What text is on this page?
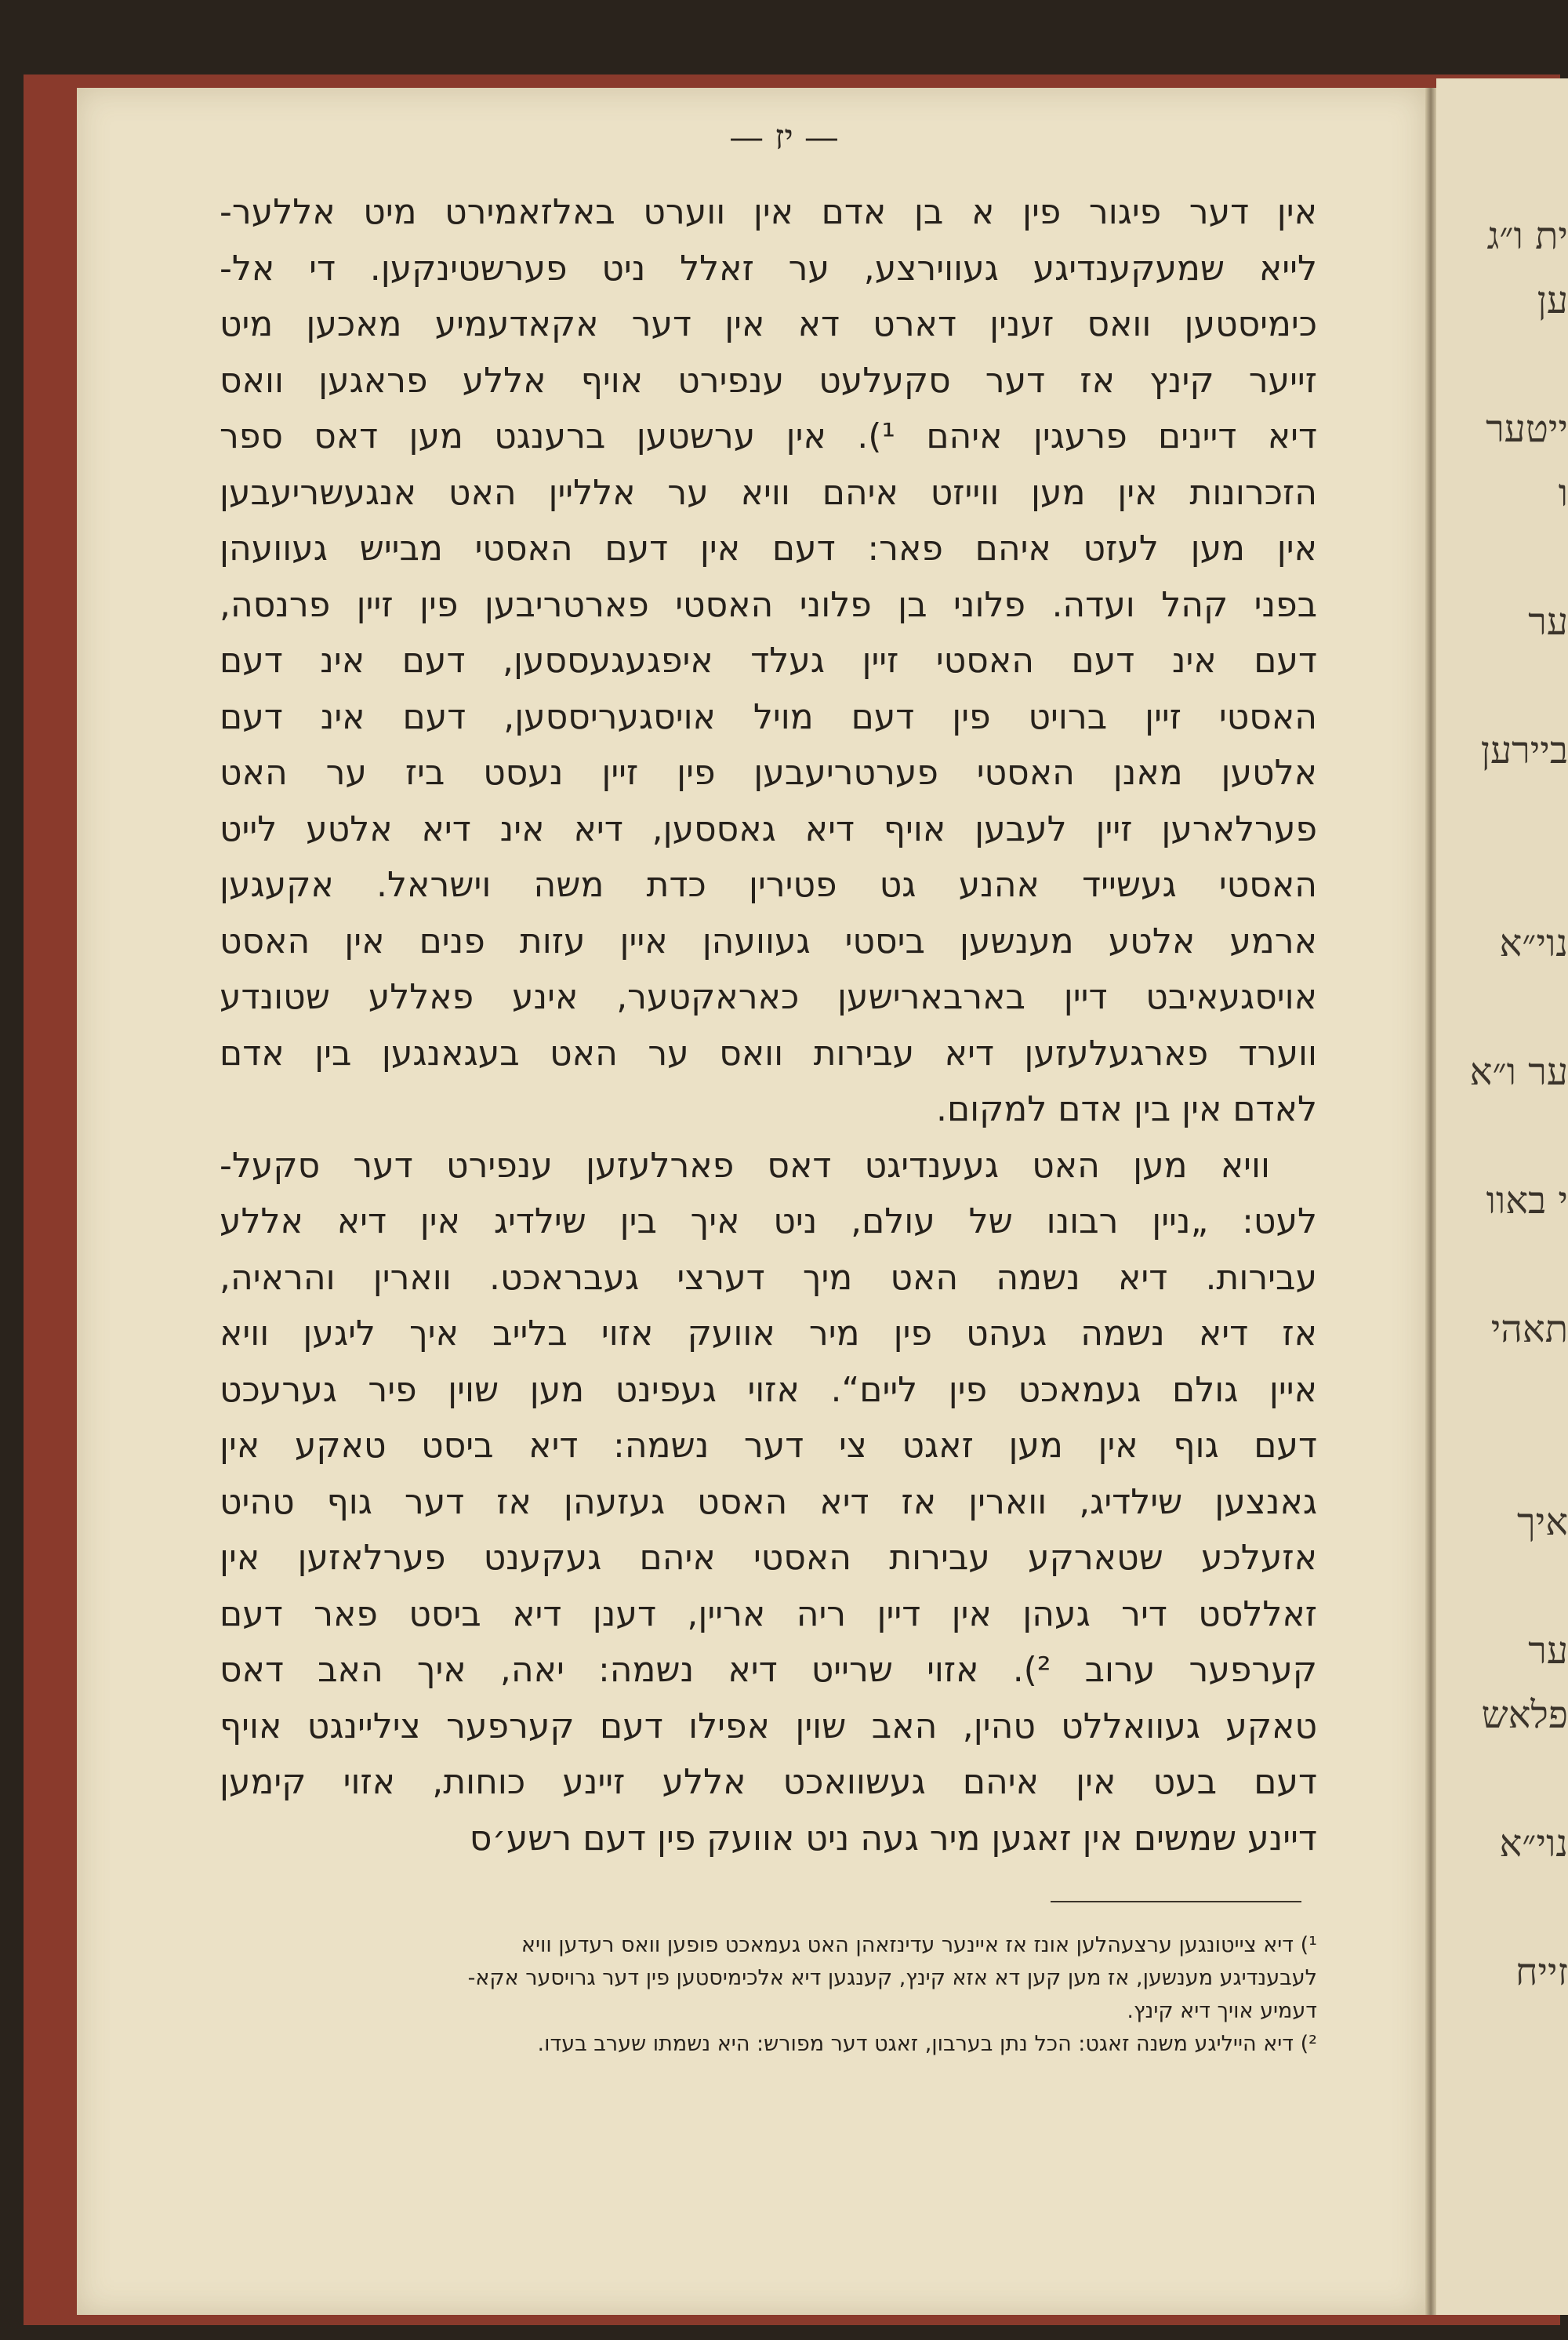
ית ו״ג
ען

ייטער
ו

ער

ביירען

נוי״א

ער ו״א

י באוו

תאהי

איך

ער
פלאש

נוי״א

זייח
— יז —
אין דער פיגור פין א בן אדם אין ווערט באלזאמירט מיט אללער-
לייא שמעקענדיגע געווירצע, ער זאלל ניט פערשטינקען. די אל-
כימיסטען וואס זענין דארט דא אין דער אקאדעמיע מאכען מיט
זייער קינץ אז דער סקעלעט ענפירט אויף אללע פראגען וואס
דיא דיינים פרעגין איהם ¹). אין ערשטען ברענגט מען דאס ספר
הזכרונות אין מען ווייזט איהם וויא ער אלליין האט אנגעשריעבען
אין מען לעזט איהם פאר: דעם אין דעם האסטי מבייש געוועהן
בפני קהל ועדה. פלוני בן פלוני האסטי פארטריבען פין זיין פרנסה,
דעם אינ דעם האסטי זיין געלד איפגעגעססען, דעם אינ דעם
האסטי זיין ברויט פין דעם מויל אויסגעריססען, דעם אינ דעם
אלטען מאנן האסטי פערטריעבען פין זיין נעסט ביז ער האט
פערלארען זיין לעבען אויף דיא גאססען, דיא אינ דיא אלטע לייט
האסטי געשייד אהנע גט פטירין כדת משה וישראל. אקעגען
ארמע אלטע מענשען ביסטי געוועהן איין עזות פנים אין האסט
אויסגעאיבט דיין בארבארישען כאראקטער, אינע פאללע שטונדע
ווערד פארגעלעזען דיא עבירות וואס ער האט בעגאנגען בין אדם
לאדם אין בין אדם למקום.
וויא מען האט געענדיגט דאס פארלעזען ענפירט דער סקעל-
לעט: „ניין רבונו של עולם, ניט איך בין שילדיג אין דיא אללע
עבירות. דיא נשמה האט מיך דערצי געבראכט. ווארין והראיה,
אז דיא נשמה געהט פין מיר אוועק אזוי בלייב איך ליגען וויא
איין גולם געמאכט פין ליים“. אזוי געפינט מען שוין פיר גערעכט
דעם גוף אין מען זאגט צי דער נשמה: דיא ביסט טאקע אין
גאנצען שילדיג, ווארין אז דיא האסט געזעהן אז דער גוף טהיט
אזעלכע שטארקע עבירות האסטי איהם געקענט פערלאזען אין
זאללסט דיר געהן אין דיין ריה אריין, דענן דיא ביסט פאר דעם
קערפער ערוב ²). אזוי שרייט דיא נשמה: יאה, איך האב דאס
טאקע געוואללט טהין, האב שוין אפילו דעם קערפער ציליינגט אויף
דעם בעט אין איהם געשוואכט אללע זיינע כוחות, אזוי קימען
דיינע שמשים אין זאגען מיר געה ניט אוועק פין דעם רשע׳ס
¹) דיא צייטונגען ערצעהלען אונז אז איינער עדינזאהן האט געמאכט פופען וואס רעדען וויא
לעבענדיגע מענשען, אז מען קען דא אזא קינץ, קענגען דיא אלכימיסטען פין דער גרויסער אקא-
דעמיע אויך דיא קינץ.
²) דיא הייליגע משנה זאגט: הכל נתן בערבון, זאגט דער מפורש: היא נשמתו שערב בעדו.
